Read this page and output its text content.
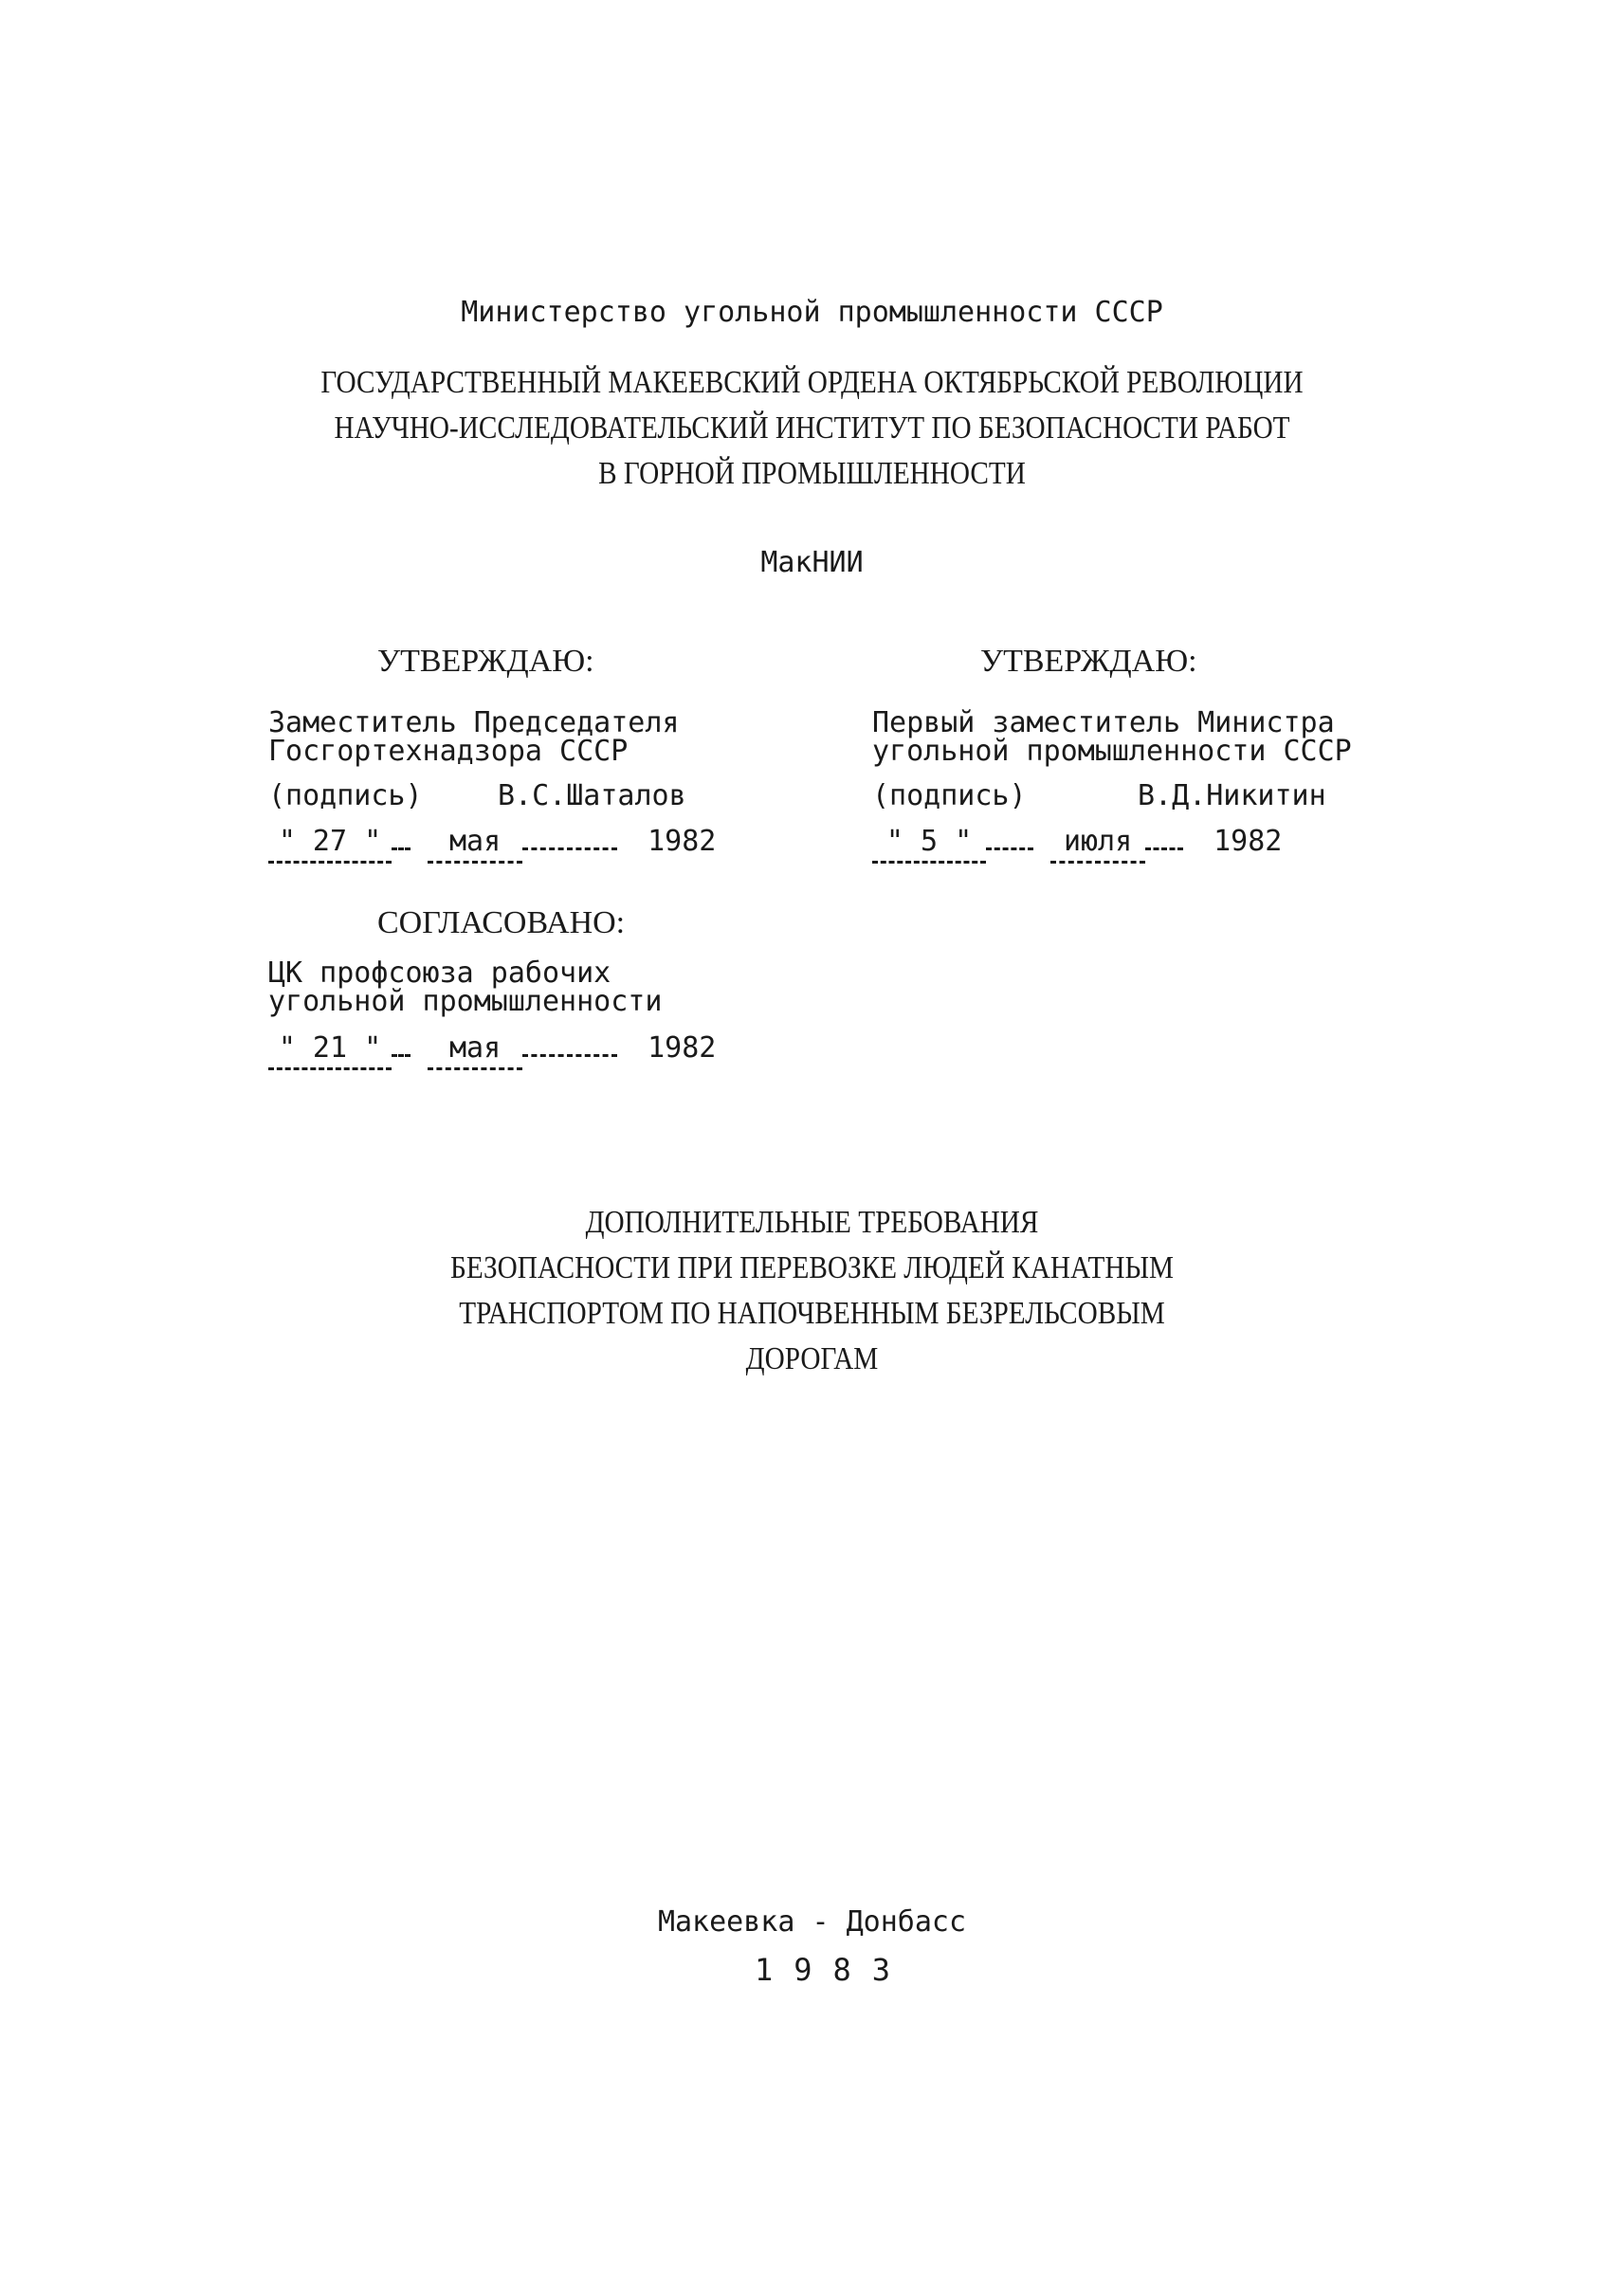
Министерство угольной промышленности СССР
ГОСУДАРСТВЕННЫЙ МАКЕЕВСКИЙ ОРДЕНА ОКТЯБРЬСКОЙ РЕВОЛЮЦИИ
НАУЧНО-ИССЛЕДОВАТЕЛЬСКИЙ ИНСТИТУТ ПО БЕЗОПАСНОСТИ РАБОТ
В ГОРНОЙ ПРОМЫШЛЕННОСТИ
МакНИИ
УТВЕРЖДАЮ:
Заместитель Председателя
Госгортехнадзора СССР
(подпись)	В.С.Шаталов
" 27 " мая	1982
УТВЕРЖДАЮ:
Первый заместитель Министра
угольной промышленности СССР
(подпись)	В.Д.Никитин
" 5 "	июля	1982
СОГЛАСОВАНО:
ЦК профсоюза рабочих
угольной промышленности
" 21 " мая	1982
ДОПОЛНИТЕЛЬНЫЕ ТРЕБОВАНИЯ
БЕЗОПАСНОСТИ ПРИ ПЕРЕВОЗКЕ ЛЮДЕЙ КАНАТНЫМ
ТРАНСПОРТОМ ПО НАПОЧВЕННЫМ БЕЗРЕЛЬСОВЫМ
ДОРОГАМ
Макеевка - Донбасс
1983
